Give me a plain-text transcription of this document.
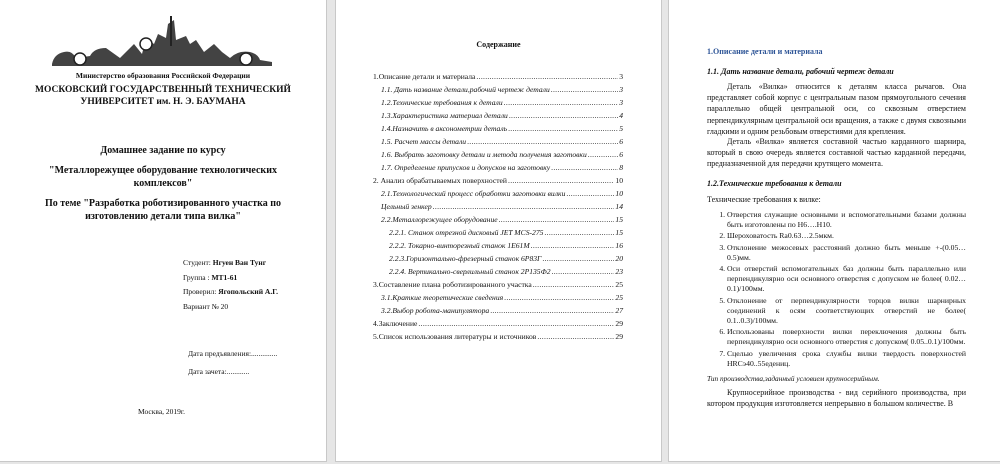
Министерство образования Российской Федерации
МОСКОВСКИЙ ГОСУДАРСТВЕННЫЙ ТЕХНИЧЕСКИЙ
УНИВЕРСИТЕТ им. Н. Э. БАУМАНА
Домашнее задание по курсу
"Металлорежущее оборудование технологических комплексов"
По теме "Разработка роботизированного участка по изготовлению детали типа вилка"
Студент: Нгуен Ван Тунг
Группа : МТ1-61
Проверил: Ягопольский А.Г.
Вариант № 20
Дата предъявления:..............
Дата зачета:............
Москва, 2019г.
Содержание
1.Описание детали и материала .....	3
1.1. Дать название детали,рабочий чертеж детали .....	3
1.2.Технические требования к детали .....	3
1.3.Характеристика материал детали .....	4
1.4.Назначить в аксонометрии деталь .....	5
1.5. Расчет массы детали .....	6
1.6. Выбрать заготовку детали и метода получения заготовки .....	6
1.7. Определение припусков и допусков на заготовку .....	8
2. Анализ обрабатываемых поверхностей .....	10
2.1.Технологический процесс обработки заготовки вилки .....	10
Цельный зенкер .....	14
2.2.Металлорежущее оборудование .....	15
2.2.1. Станок отрезной дисковый JET MCS-275 .....	15
2.2.2. Токарно-винторезный станок 1Е61М .....	16
2.2.3.Горизонтально-фрезерный станок 6Р83Г .....	20
2.2.4. Вертикально-сверлильный станок 2Р135Ф2 .....	23
3.Составление плана роботизированного участка .....	25
3.1.Краткие теоретические сведения .....	25
3.2.Выбор робота-манипулятора .....	27
4.Заключение .....	29
5.Список использования литературы и источников .....	29
1.Описание детали и материала
1.1. Дать название детали, рабочий чертеж детали
Деталь «Вилка» относится к деталям класса рычагов. Она представляет собой корпус с центральным пазом прямоугольного сечения параллельно общей центральной оси, со сквозным отверстием перпендикулярным центральной оси вращения, а также с двумя сквозными гладкими и одним резьбовым отверстиями для крепления.
Деталь «Вилка» является составной частью карданного шарнира, который в свою очередь является составной частью карданной передачи, предназначенной для передачи крутящего момента.
1.2.Технические требования к детали
Технические требования к вилке:
1. Отверстия служащие основными и вспомогательными базами должны быть изготовлены по Н6….Н10.
2. Шероховатость Ra0.63…2.5мкм.
3. Отклонение межосевых расстояний должно быть меньше +-(0.05…0.5)мм.
4. Оси отверстий вспомогательных баз должны быть параллельно или перпендикулярно оси основного отверстия с допуском не более( 0.02…0.1)/100мм.
5. Отклонение от перпендикулярности торцов вилки шарнирных соединений к осям соответствующих отверстий не более( 0.1..0.3)/100мм.
6. Использованы поверхности вилки переключения должны быть перпендикулярно оси основного отверстия с допуском( 0.05..0.1)/100мм.
7. Сцелью увеличения срока службы вилки твердость поверхностей HRCэ40..55едениц.
Тип производства,заданный условием крупносерийным.
Крупносерийное производства - вид серийного производства, при котором продукция изготовляется непрерывно в большом количестве. В
